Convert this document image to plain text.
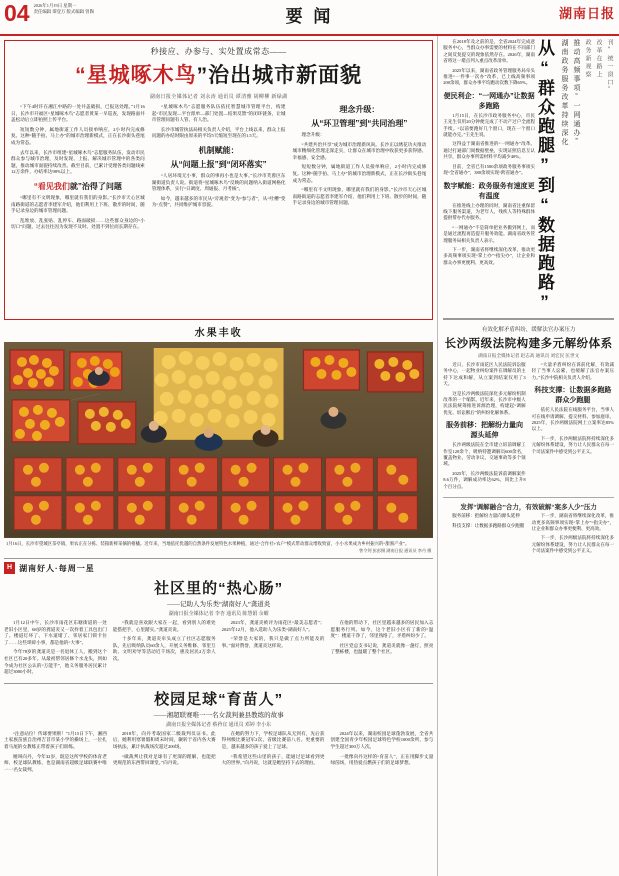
04 2026年1月19日 星期一
责任编辑 谭登万 版式编辑 曾陶	要 闻	湖南日报
秒接应、办参与、实处置成常态——
“星城啄木鸟”治出城市新面貌
湖南日报全媒体记者 刘永涛 通讯员 谭清雅 胡柳柳 新绿湖

“下午4时许在湘江中路的一处井盖破损，已报送处理。”1月16日，长沙市开福区“星城啄木鸟”志愿者黄某一早巡查，发现路面井盖松动后立即拍照上传平台。

短短数分钟，属地街道工作人员接单响应，2小时内完成修复。这种“随手拍、马上办”的城市治理新模式，正在长沙街头巷尾成为常态。

去年以来，长沙市组建“星城啄木鸟”志愿服务队伍，发动市民群众参与城市治理，及时发现、上报、解决城市管理中的各类问题，推动城市面貌持续改善。截至目前，已累计受理各类问题线索12万余件，办结率达98%以上。

“看见我们就”治得了问题

“哪里有不文明现象，哪里就有我们的身影。”长沙市天心区城南路街道的志愿者李建军介绍，他们利用上下班、散步的时间，随手记录身边的城市管理问题。

乱堆放、乱张贴、乱停车、路面破损……这些群众身边的“小切口”问题，过去往往因为发现不及时、处置不到位而长期存在。

“星城啄木鸟”志愿服务队伍依托智慧城市管理平台，构建起“市民发现—平台派单—部门处置—结果反馈”的闭环链条，让城市管理问题有人管、有人治。

长沙市城管执法局相关负责人介绍，平台上线以来，群众上报问题的办结时限由原来的平均5天缩短至现在的1.5天。

机制赋能：
从“问题上报”到“闭环落实”

“人居环境无小事，群众的事再小也是大事。”长沙市芙蓉区东湖街道负责人说。街道将“星城啄木鸟”反映的问题纳入街道网格化管理体系，实行“日调度、周通报、月考核”。

如今，越来越多的市民从“旁观者”变为“参与者”，从“吐槽”变为“点赞”，共同维护城市容貌。

理念升级：
从“环卫管理”到“共同治理”

理念升级：

“共建共治共享”成为城市治理新风尚。长沙正以绣花功夫推动城市精细化管理走深走实，让群众在城市治理中收获更多获得感、幸福感、安全感。

短短数分钟，属地街道工作人员接单响应，2小时内完成修复。这种“随手拍、马上办”的城市治理新模式，正在长沙街头巷尾成为常态。

“哪里有不文明现象，哪里就有我们的身影。”长沙市天心区城南路街道的志愿者李建军介绍，他们利用上下班、散步的时间，随手记录身边的城市管理问题。

水果丰收
1月16日，长沙市望城区茶亭镇，果农正在分拣、装箱新鲜采摘的柑橘。近年来，当地依托优越的自然条件发展特色水果种植，通过“合作社+农户”模式带动群众增收致富，小小水果成为乡村振兴的“甜蜜产业”。
曾令剑 彭彭摄 湖南日报 通讯员 李丹 摄
H 湖南好人·每周一星
社区里的“热心肠”
——记助人为乐类“湖南好人”龚道炎
湖南日报全媒体记者 李杏 通讯员 陈慧娟 余曜

1月12日中午，长沙市雨花区东塘街道的一处老旧小区里，68岁的龚道炎又一次拎着工具包出门了。楼道灯坏了、下水道堵了、邻居家门锁卡住了……这些琐碎小事，都是他的“大事”。

今年78岁的龚道炎是一名退休工人，搬到这个社区已有20多年。从最初帮邻居修个水龙头，到如今成为社区公认的“万能手”，他义务服务居民累计超过3000小时。

“我就是喜欢跟大家在一起，看到别人的难处能搭把手，心里踏实。”龚道炎说。

十多年来，龚道炎牵头成立了社区志愿服务队，先后吸纳队员60余人，开展义务维修、邻里互助、文明劝导等活动近千场次，惠及居民2万余人次。

2023年，龚道炎被评为雨花区“最美志愿者”；2025年12月，他入选助人为乐类“湖南好人”。

“荣誉是大家的，我只是做了点力所能及的事。”面对赞誉，龚道炎这样说。

在他的带动下，社区里越来越多的居民加入志愿服务行列。如今，这个老旧小区有了新的“温度”：楼道干净了，邻里熟络了，矛盾纠纷少了。

社区党总支书记说，龚道炎就像一盏灯，照亮了整栋楼，也温暖了整个社区。

校园足球“育苗人”
——湘超联赛唯一一名女裁判兼县教练的故事
湖南日报全媒体记者 蔡矜宜 通讯员 邓婷 李小东

“注意站位！传球要果断！”1月15日下午，湘西土家族苗族自治州吉首市某小学的操场上，一位扎着马尾的女教练正带着孩子们训练。

她叫向丹，今年32岁，既是这所学校的体育老师、校足球队教练，也是湖南省超级足球联赛中唯一一名女裁判。

2018年，向丹考取国家二级裁判员证书。此后，她利用寒暑假和周末时间，辗转于省内各大赛场执法，累计执裁场次超过200场。

“做裁判让我对足球有了更深的理解，也能把更规范的东西带回课堂。”向丹说。

在她的努力下，学校足球队从无到有，先后获得州级比赛冠军2次、省级比赛前八名。更重要的是，越来越多的孩子爱上了足球。

“我希望这些山里的孩子，能通过足球看到更大的世界。”向丹说，这就是她坚持下去的理由。

2024年以来，湖南校园足球蓬勃发展，全省共创建全国青少年校园足球特色学校1000余所，参与学生超过300万人次。

一批像向丹这样的“育苗人”，正在用脚步丈量绿茵场，用热爱点燃孩子们的足球梦想。

在2018年及之前的是，全省2024年完成意 服务中心，当群众办事需要的材料在不同部门之间反复提交的现象依然存在。2026年，湖南省将这一堵点列入重点改革清单。

2025年以来，湖南省政务管理服务局牵头推进“一件事一次办”改革，已上线高频事项200余项，群众办事平均跑动次数下降65%。

便民利企：“一网通办”让数据多跑路

1月15日，在长沙市政务服务中心，市民王先生仅用20分钟便完成了不动产过户全流程手续。“以前要跑好几个窗口，现在一个窗口就能办完。”王先生说。

这得益于湖南省推进的“一网通办”改革。通过打通部门间数据壁垒，实现证照信息互认共享，群众办事所需材料平均减少40%。

目前，全省已有1500余项政务服务事项实现“全省通办”，380余项实现“跨省通办”。

数字赋能：政务服务有速度更有温度

在推进线上办理的同时，湖南省注重保留线下服务渠道，为老年人、残疾人等特殊群体提供帮办代办服务。

“一网通办”不是简单把业务搬到网上，而是通过流程再造提升服务效能。湖南省政务管理服务局相关负责人表示。

下一步，湖南省将继续深化改革，推动更多高频事项实现“掌上办”“指尖办”，让企业和群众办事更便利、更高效。	从“群众跑腿”到“数据跑路”	湖南政务服务改革持续深化 推动高频事项“一网通办” 政务新观察 改革在路上 刊“统一窗口”
有效化解矛盾纠纷，缓解法官办案压力
长沙两级法院构建多元解纷体系
湖南日报全媒体记者 赵志高 通讯员 刘宏民 匡世文

近日，长沙市雨花区人民法院诉讼服务中心，一起物业纠纷案件在调解员的主持下达成和解，从立案到结案仅用了3天。

这是长沙两级法院深化多元解纷机制改革的一个缩影。近年来，长沙市中级人民法院统筹推进诉源治理，构建起“调解优先、诉讼断后”的纠纷化解体系。

服务前移：把解纷力量向源头延伸

长沙两级法院在全市建立诉前调解工作室120余个，吸纳特邀调解员600余名，覆盖物业、劳动争议、交通事故等多个领域。

2025年，长沙两级法院诉前调解案件8.6万件，调解成功率达62%，同比上升8个百分点。

“大量矛盾纠纷在诉前化解，有效减轻了当事人讼累，也缓解了法官办案压力。”长沙中院相关负责人介绍。

科技支撑：让数据多跑路群众少跑腿

依托人民法院在线服务平台，当事人可在线申请调解、提交材料、参加庭审。2025年，长沙两级法院网上立案率达85%以上。

下一步，长沙两级法院将持续深化多元解纷体系建设，努力让人民群众在每一个司法案件中感受到公平正义。

发挥“调解融合”合力，有效破解“案多人少”压力

服务前移：把解纷力量向源头延伸

科技支撑：让数据多跑路群众少跑腿

下一步，湖南省将继续深化改革，推动更多高频事项实现“掌上办”“指尖办”，让企业和群众办事更便利、更高效。

下一步，长沙两级法院将持续深化多元解纷体系建设，努力让人民群众在每一个司法案件中感受到公平正义。
